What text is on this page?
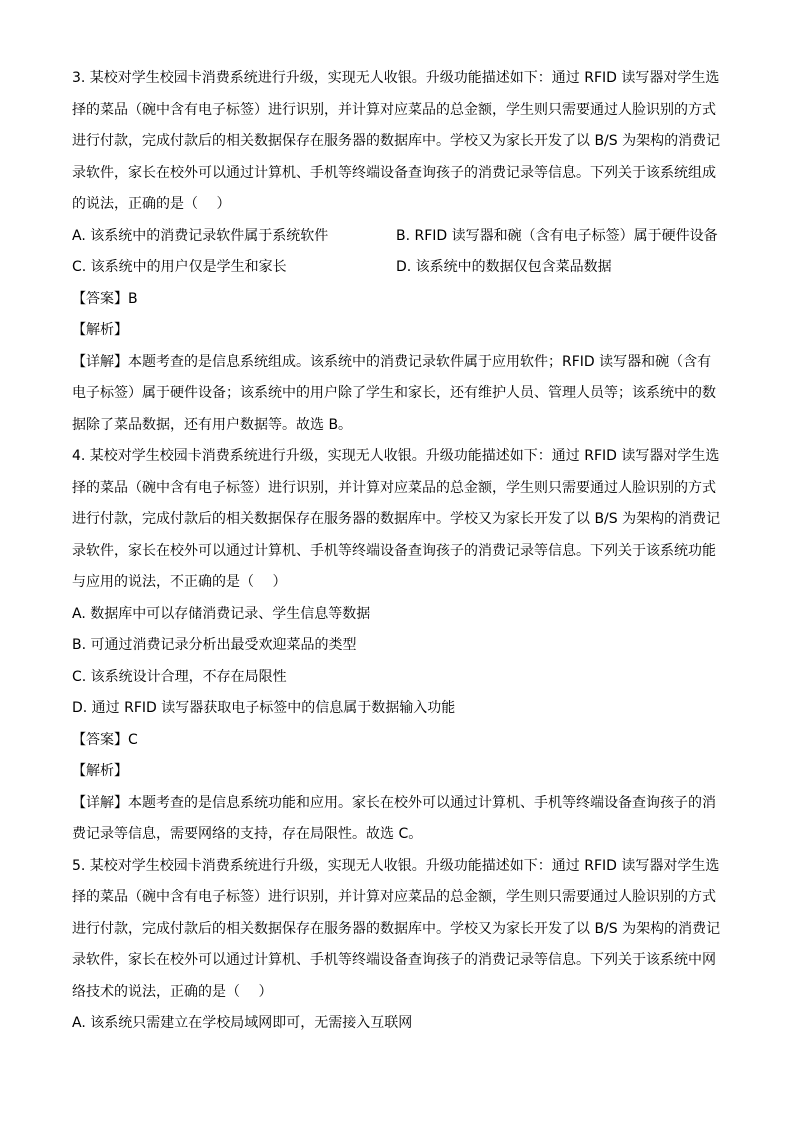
3. 某校对学生校园卡消费系统进行升级，实现无人收银。升级功能描述如下：通过 RFID 读写器对学生选
择的菜品（碗中含有电子标签）进行识别，并计算对应菜品的总金额，学生则只需要通过人脸识别的方式
进行付款，完成付款后的相关数据保存在服务器的数据库中。学校又为家长开发了以 B/S 为架构的消费记
录软件，家长在校外可以通过计算机、手机等终端设备查询孩子的消费记录等信息。下列关于该系统组成
的说法，正确的是（　 ）
A. 该系统中的消费记录软件属于系统软件	B. RFID 读写器和碗（含有电子标签）属于硬件设备
C. 该系统中的用户仅是学生和家长	D. 该系统中的数据仅包含菜品数据
【答案】B
【解析】
【详解】本题考查的是信息系统组成。该系统中的消费记录软件属于应用软件；RFID 读写器和碗（含有
电子标签）属于硬件设备；该系统中的用户除了学生和家长，还有维护人员、管理人员等；该系统中的数
据除了菜品数据，还有用户数据等。故选 B。
4. 某校对学生校园卡消费系统进行升级，实现无人收银。升级功能描述如下：通过 RFID 读写器对学生选
择的菜品（碗中含有电子标签）进行识别，并计算对应菜品的总金额，学生则只需要通过人脸识别的方式
进行付款，完成付款后的相关数据保存在服务器的数据库中。学校又为家长开发了以 B/S 为架构的消费记
录软件，家长在校外可以通过计算机、手机等终端设备查询孩子的消费记录等信息。下列关于该系统功能
与应用的说法，不正确的是（　 ）
A. 数据库中可以存储消费记录、学生信息等数据
B. 可通过消费记录分析出最受欢迎菜品的类型
C. 该系统设计合理，不存在局限性
D. 通过 RFID 读写器获取电子标签中的信息属于数据输入功能
【答案】C
【解析】
【详解】本题考查的是信息系统功能和应用。家长在校外可以通过计算机、手机等终端设备查询孩子的消
费记录等信息，需要网络的支持，存在局限性。故选 C。
5. 某校对学生校园卡消费系统进行升级，实现无人收银。升级功能描述如下：通过 RFID 读写器对学生选
择的菜品（碗中含有电子标签）进行识别，并计算对应菜品的总金额，学生则只需要通过人脸识别的方式
进行付款，完成付款后的相关数据保存在服务器的数据库中。学校又为家长开发了以 B/S 为架构的消费记
录软件，家长在校外可以通过计算机、手机等终端设备查询孩子的消费记录等信息。下列关于该系统中网
络技术的说法，正确的是（　 ）
A. 该系统只需建立在学校局域网即可，无需接入互联网
